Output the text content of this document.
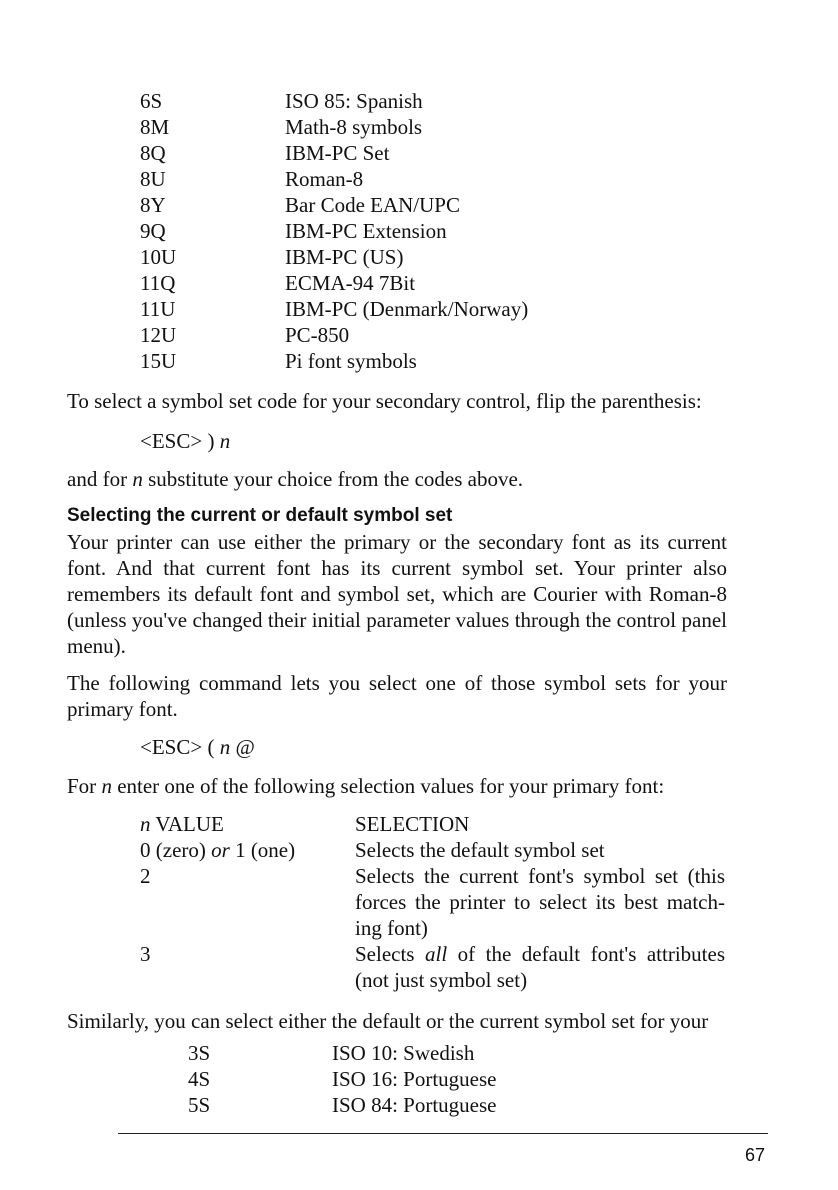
6S	ISO 85: Spanish
8M	Math-8 symbols
8Q	IBM-PC Set
8U	Roman-8
8Y	Bar Code EAN/UPC
9Q	IBM-PC Extension
10U	IBM-PC (US)
11Q	ECMA-94 7Bit
11U	IBM-PC (Denmark/Norway)
12U	PC-850
15U	Pi font symbols
To select a symbol set code for your secondary control, flip the parenthesis:
<ESC> ) n
and for n substitute your choice from the codes above.
Selecting the current or default symbol set
Your printer can use either the primary or the secondary font as its current font. And that current font has its current symbol set. Your printer also remembers its default font and symbol set, which are Courier with Roman-8 (unless you've changed their initial parameter values through the control panel menu).
The following command lets you select one of those symbol sets for your primary font.
<ESC> ( n @
For n enter one of the following selection values for your primary font:
n VALUE	SELECTION
0 (zero) or 1 (one)	Selects the default symbol set
2	Selects the current font's symbol set (this forces the printer to select its best match-ing font)
3	Selects all of the default font's attributes (not just symbol set)
Similarly, you can select either the default or the current symbol set for your
3S	ISO 10: Swedish
4S	ISO 16: Portuguese
5S	ISO 84: Portuguese
67
